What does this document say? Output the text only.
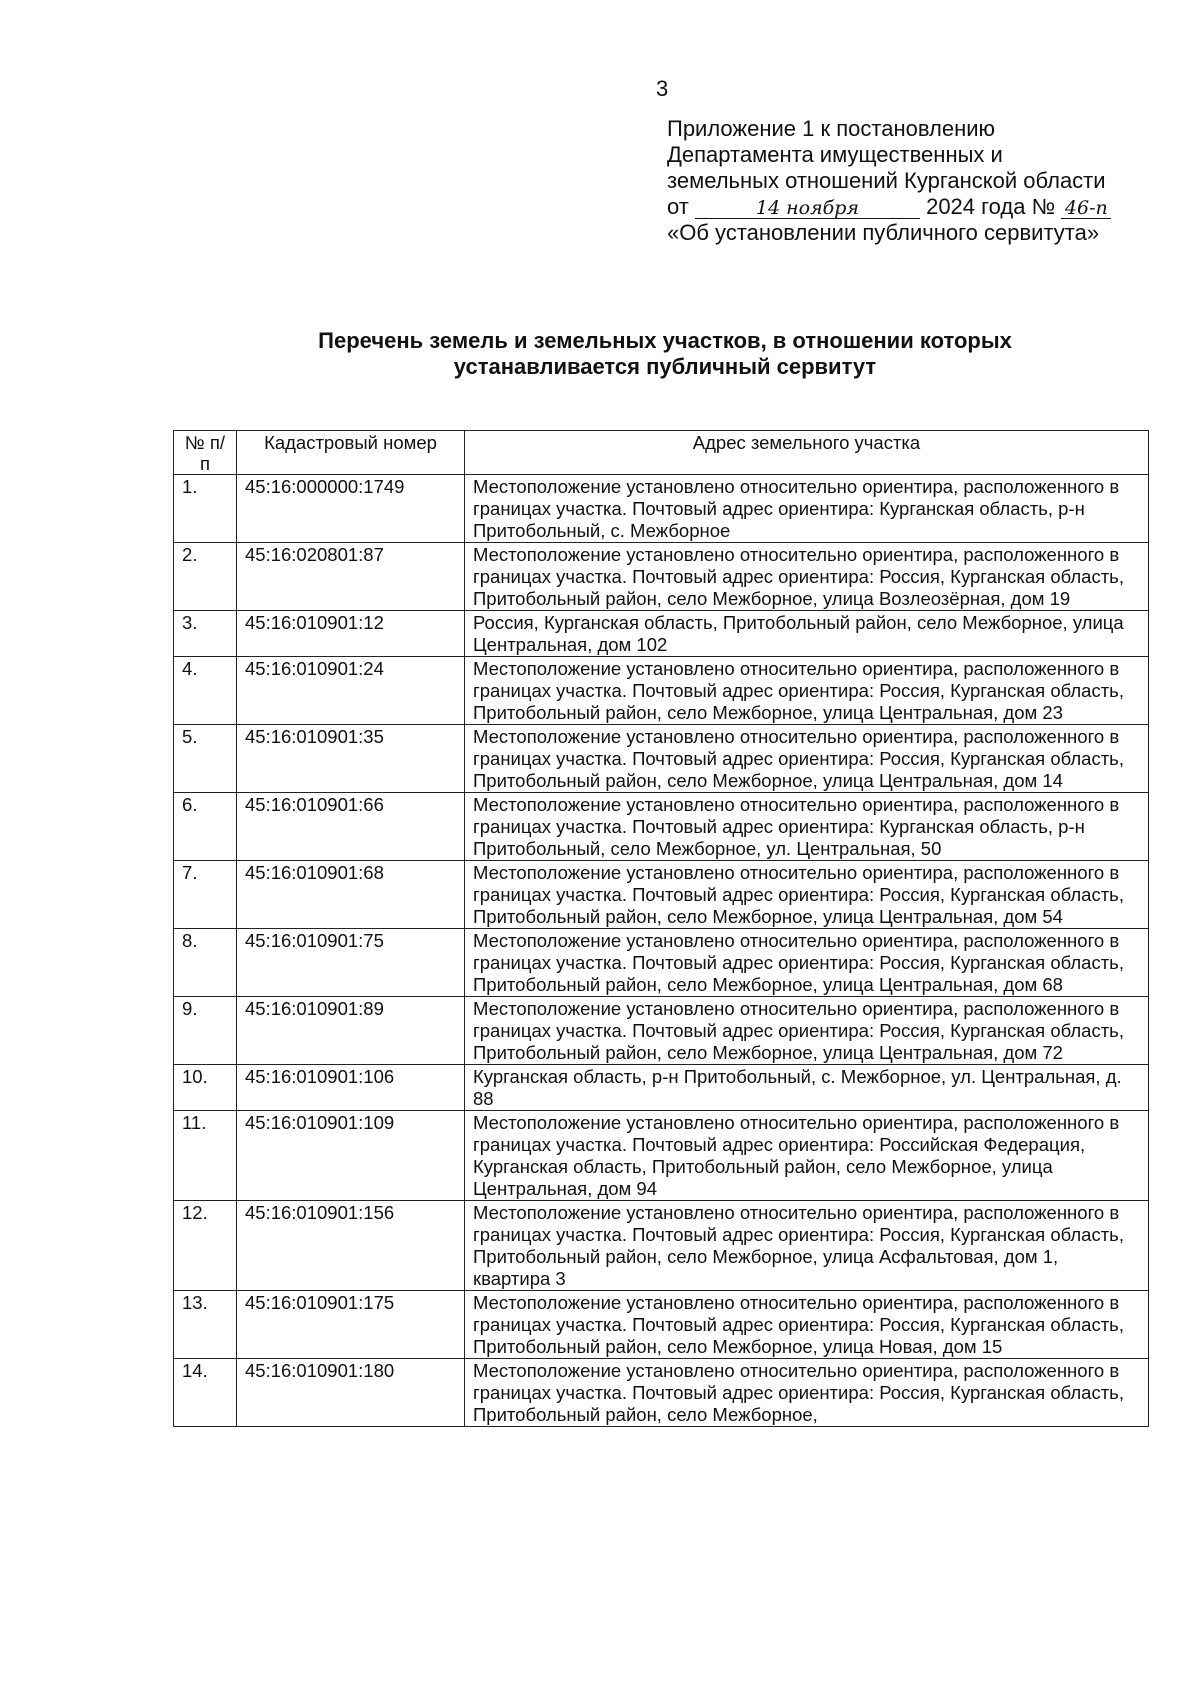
3
Приложение 1 к постановлению
Департамента имущественных и
земельных отношений Курганской области
от	14 ноября	2024 года № 46-п
«Об установлении публичного сервитута»
Перечень земель и земельных участков, в отношении которых
устанавливается публичный сервитут
№ п/п	Кадастровый номер	Адрес земельного участка
1.	45:16:000000:1749	Местоположение установлено относительно ориентира, расположенного в границах участка. Почтовый адрес ориентира: Курганская область, р-н Притобольный, с. Межборное
2.	45:16:020801:87	Местоположение установлено относительно ориентира, расположенного в границах участка. Почтовый адрес ориентира: Россия, Курганская область, Притобольный район, село Межборное, улица Возлеозёрная, дом 19
3.	45:16:010901:12	Россия, Курганская область, Притобольный район, село Межборное, улица Центральная, дом 102
4.	45:16:010901:24	Местоположение установлено относительно ориентира, расположенного в границах участка. Почтовый адрес ориентира: Россия, Курганская область, Притобольный район, село Межборное, улица Центральная, дом 23
5.	45:16:010901:35	Местоположение установлено относительно ориентира, расположенного в границах участка. Почтовый адрес ориентира: Россия, Курганская область, Притобольный район, село Межборное, улица Центральная, дом 14
6.	45:16:010901:66	Местоположение установлено относительно ориентира, расположенного в границах участка. Почтовый адрес ориентира: Курганская область, р-н Притобольный, село Межборное, ул. Центральная, 50
7.	45:16:010901:68	Местоположение установлено относительно ориентира, расположенного в границах участка. Почтовый адрес ориентира: Россия, Курганская область, Притобольный район, село Межборное, улица Центральная, дом 54
8.	45:16:010901:75	Местоположение установлено относительно ориентира, расположенного в границах участка. Почтовый адрес ориентира: Россия, Курганская область, Притобольный район, село Межборное, улица Центральная, дом 68
9.	45:16:010901:89	Местоположение установлено относительно ориентира, расположенного в границах участка. Почтовый адрес ориентира: Россия, Курганская область, Притобольный район, село Межборное, улица Центральная, дом 72
10.	45:16:010901:106	Курганская область, р-н Притобольный, с. Межборное, ул. Центральная, д. 88
11.	45:16:010901:109	Местоположение установлено относительно ориентира, расположенного в границах участка. Почтовый адрес ориентира: Российская Федерация, Курганская область, Притобольный район, село Межборное, улица Центральная, дом 94
12.	45:16:010901:156	Местоположение установлено относительно ориентира, расположенного в границах участка. Почтовый адрес ориентира: Россия, Курганская область, Притобольный район, село Межборное, улица Асфальтовая, дом 1, квартира 3
13.	45:16:010901:175	Местоположение установлено относительно ориентира, расположенного в границах участка. Почтовый адрес ориентира: Россия, Курганская область, Притобольный район, село Межборное, улица Новая, дом 15
14.	45:16:010901:180	Местоположение установлено относительно ориентира, расположенного в границах участка. Почтовый адрес ориентира: Россия, Курганская область, Притобольный район, село Межборное,
